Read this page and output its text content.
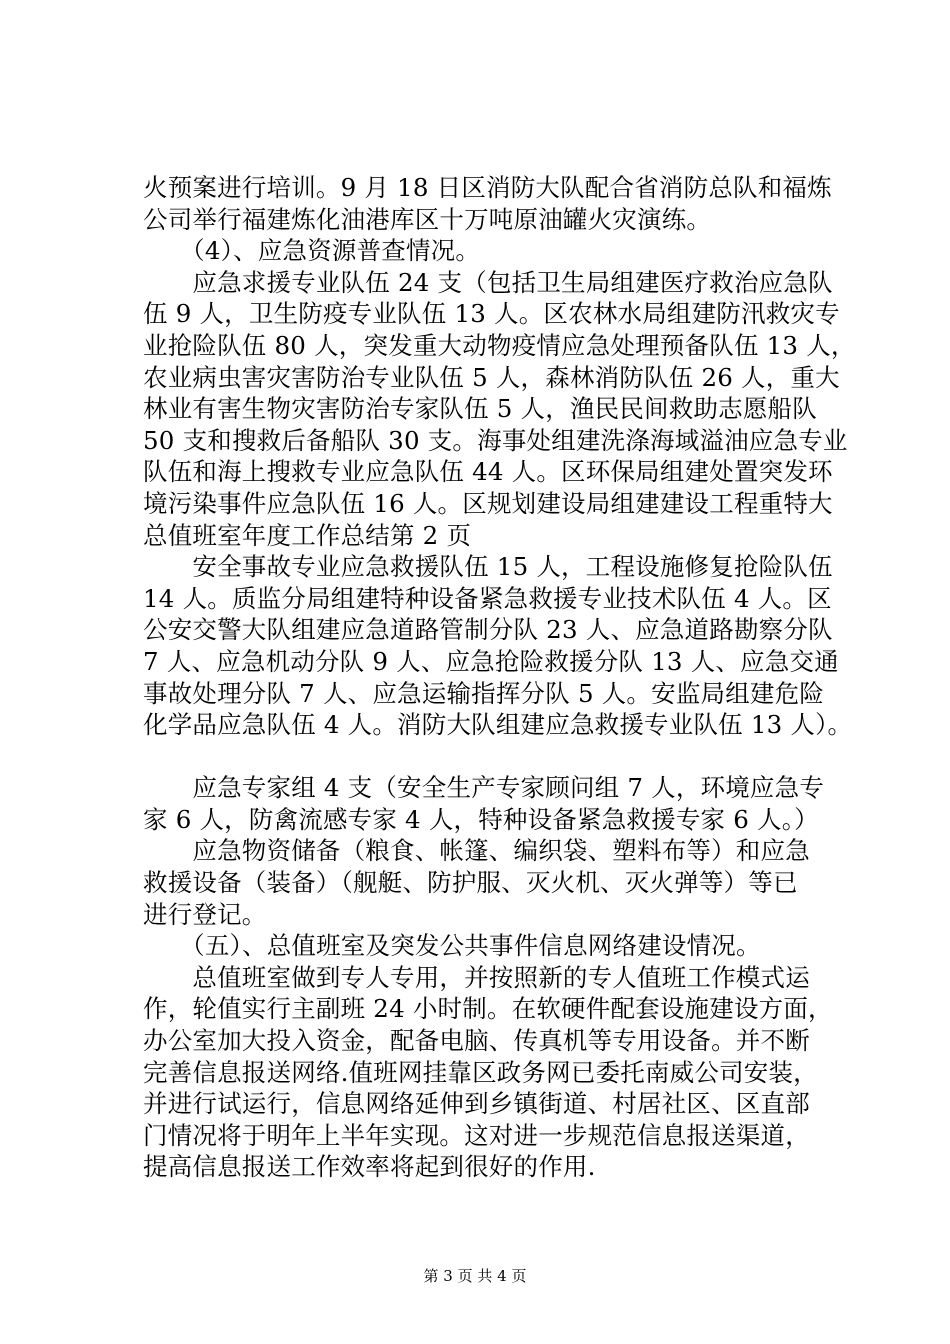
火预案进行培训。9 月 18 日区消防大队配合省消防总队和福炼
公司举行福建炼化油港库区十万吨原油罐火灾演练。
　　（4）、应急资源普查情况。
　　应急求援专业队伍 24 支（包括卫生局组建医疗救治应急队
伍 9 人，卫生防疫专业队伍 13 人。区农林水局组建防汛救灾专
业抢险队伍 80 人，突发重大动物疫情应急处理预备队伍 13 人，
农业病虫害灾害防治专业队伍 5 人，森林消防队伍 26 人，重大
林业有害生物灾害防治专家队伍 5 人，渔民民间救助志愿船队
50 支和搜救后备船队 30 支。海事处组建洗涤海域溢油应急专业
队伍和海上搜救专业应急队伍 44 人。区环保局组建处置突发环
境污染事件应急队伍 16 人。区规划建设局组建建设工程重特大
总值班室年度工作总结第 2 页
　　安全事故专业应急救援队伍 15 人，工程设施修复抢险队伍
14 人。质监分局组建特种设备紧急救援专业技术队伍 4 人。区
公安交警大队组建应急道路管制分队 23 人、应急道路勘察分队
7 人、应急机动分队 9 人、应急抢险救援分队 13 人、应急交通
事故处理分队 7 人、应急运输指挥分队 5 人。安监局组建危险
化学品应急队伍 4 人。消防大队组建应急救援专业队伍 13 人）。
　　应急专家组 4 支（安全生产专家顾问组 7 人，环境应急专
家 6 人，防禽流感专家 4 人，特种设备紧急救援专家 6 人。）
　　应急物资储备（粮食、帐篷、编织袋、塑料布等）和应急
救援设备（装备）（舰艇、防护服、灭火机、灭火弹等）等已
进行登记。
　　（五）、总值班室及突发公共事件信息网络建设情况。
　　总值班室做到专人专用，并按照新的专人值班工作模式运
作，轮值实行主副班 24 小时制。在软硬件配套设施建设方面，
办公室加大投入资金，配备电脑、传真机等专用设备。并不断
完善信息报送网络.值班网挂靠区政务网已委托南威公司安装，
并进行试运行，信息网络延伸到乡镇街道、村居社区、区直部
门情况将于明年上半年实现。这对进一步规范信息报送渠道，
提高信息报送工作效率将起到很好的作用.
第 3 页 共 4 页
